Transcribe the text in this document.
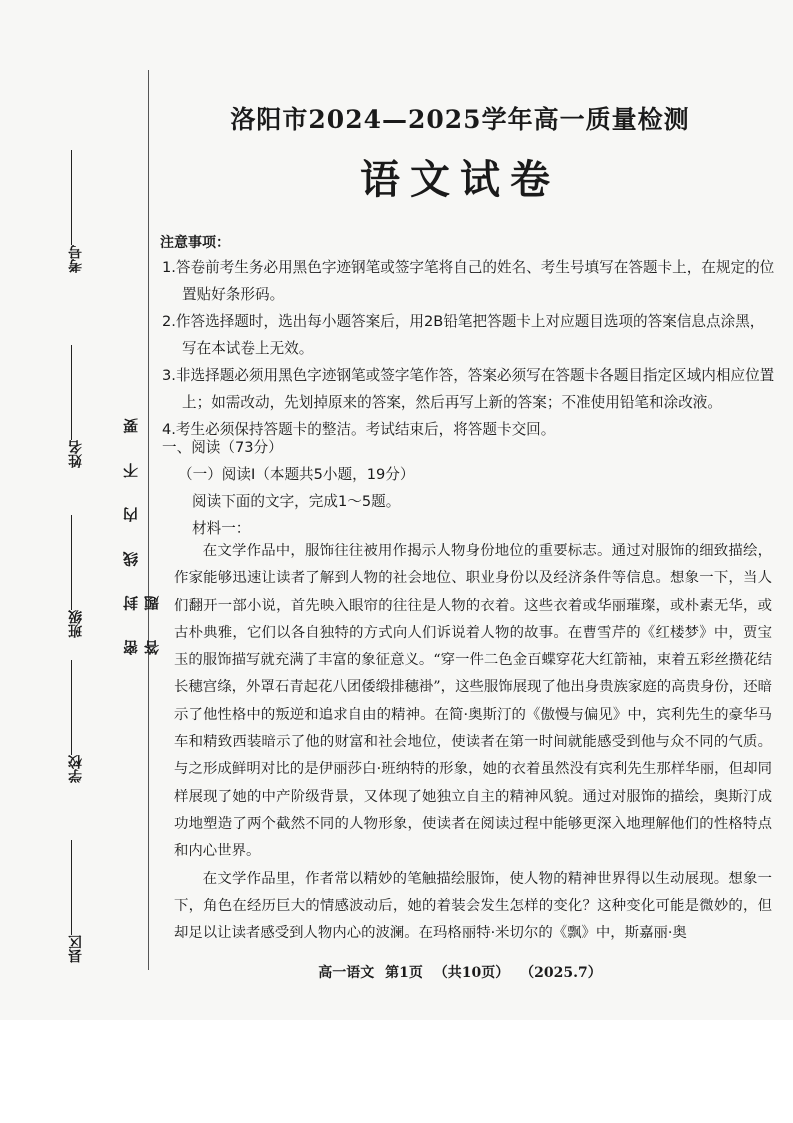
考号
姓名
班级
学校
县区
密 封 线 内 不 要 答 题
洛阳市2024—2025学年高一质量检测
语文试卷
注意事项：
1.答卷前考生务必用黑色字迹钢笔或签字笔将自己的姓名、考生号填写在答题卡上，在规定的位置贴好条形码。
2.作答选择题时，选出每小题答案后，用2B铅笔把答题卡上对应题目选项的答案信息点涂黑，写在本试卷上无效。
3.非选择题必须用黑色字迹钢笔或签字笔作答，答案必须写在答题卡各题目指定区域内相应位置上；如需改动，先划掉原来的答案，然后再写上新的答案；不准使用铅笔和涂改液。
4.考生必须保持答题卡的整洁。考试结束后，将答题卡交回。
一、阅读（73分）
（一）阅读Ⅰ（本题共5小题，19分）
阅读下面的文字，完成1～5题。
材料一：

在文学作品中，服饰往往被用作揭示人物身份地位的重要标志。通过对服饰的细致描绘，作家能够迅速让读者了解到人物的社会地位、职业身份以及经济条件等信息。想象一下，当人们翻开一部小说，首先映入眼帘的往往是人物的衣着。这些衣着或华丽璀璨，或朴素无华，或古朴典雅，它们以各自独特的方式向人们诉说着人物的故事。在曹雪芹的《红楼梦》中，贾宝玉的服饰描写就充满了丰富的象征意义。“穿一件二色金百蝶穿花大红箭袖，束着五彩丝攒花结长穗宫绦，外罩石青起花八团倭缎排穗褂”，这些服饰展现了他出身贵族家庭的高贵身份，还暗示了他性格中的叛逆和追求自由的精神。在简·奥斯汀的《傲慢与偏见》中，宾利先生的豪华马车和精致西装暗示了他的财富和社会地位，使读者在第一时间就能感受到他与众不同的气质。与之形成鲜明对比的是伊丽莎白·班纳特的形象，她的衣着虽然没有宾利先生那样华丽，但却同样展现了她的中产阶级背景，又体现了她独立自主的精神风貌。通过对服饰的描绘，奥斯汀成功地塑造了两个截然不同的人物形象，使读者在阅读过程中能够更深入地理解他们的性格特点和内心世界。

在文学作品里，作者常以精妙的笔触描绘服饰，使人物的精神世界得以生动展现。想象一下，角色在经历巨大的情感波动后，她的着装会发生怎样的变化？这种变化可能是微妙的，但却足以让读者感受到人物内心的波澜。在玛格丽特·米切尔的《飘》中，斯嘉丽·奥

高一语文 第1页 （共10页） （2025.7）
